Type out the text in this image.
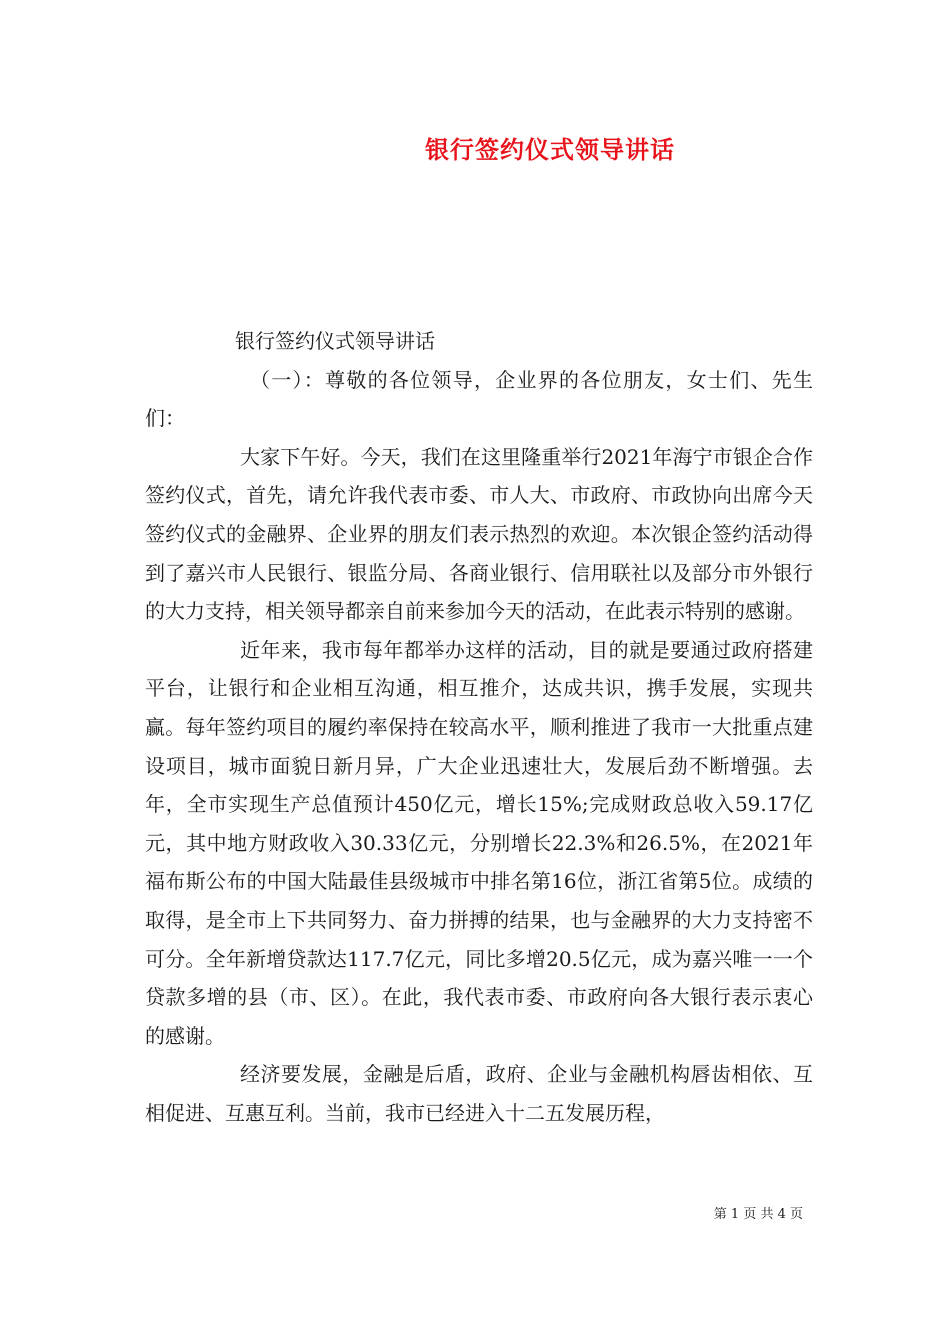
银行签约仪式领导讲话

银行签约仪式领导讲话

（一）：尊敬的各位领导，企业界的各位朋友，女士们、先生们：

大家下午好。今天，我们在这里隆重举行2021年海宁市银企合作签约仪式，首先，请允许我代表市委、市人大、市政府、市政协向出席今天签约仪式的金融界、企业界的朋友们表示热烈的欢迎。本次银企签约活动得到了嘉兴市人民银行、银监分局、各商业银行、信用联社以及部分市外银行的大力支持，相关领导都亲自前来参加今天的活动，在此表示特别的感谢。

近年来，我市每年都举办这样的活动，目的就是要通过政府搭建平台，让银行和企业相互沟通，相互推介，达成共识，携手发展，实现共赢。每年签约项目的履约率保持在较高水平，顺利推进了我市一大批重点建设项目，城市面貌日新月异，广大企业迅速壮大，发展后劲不断增强。去年，全市实现生产总值预计450亿元，增长15%;完成财政总收入59.17亿元，其中地方财政收入30.33亿元，分别增长22.3%和26.5%，在2021年福布斯公布的中国大陆最佳县级城市中排名第16位，浙江省第5位。成绩的取得，是全市上下共同努力、奋力拼搏的结果，也与金融界的大力支持密不可分。全年新增贷款达117.7亿元，同比多增20.5亿元，成为嘉兴唯一一个贷款多增的县（市、区）。在此，我代表市委、市政府向各大银行表示衷心的感谢。

经济要发展，金融是后盾，政府、企业与金融机构唇齿相依、互相促进、互惠互利。当前，我市已经进入十二五发展历程，

第 1 页 共 4 页
